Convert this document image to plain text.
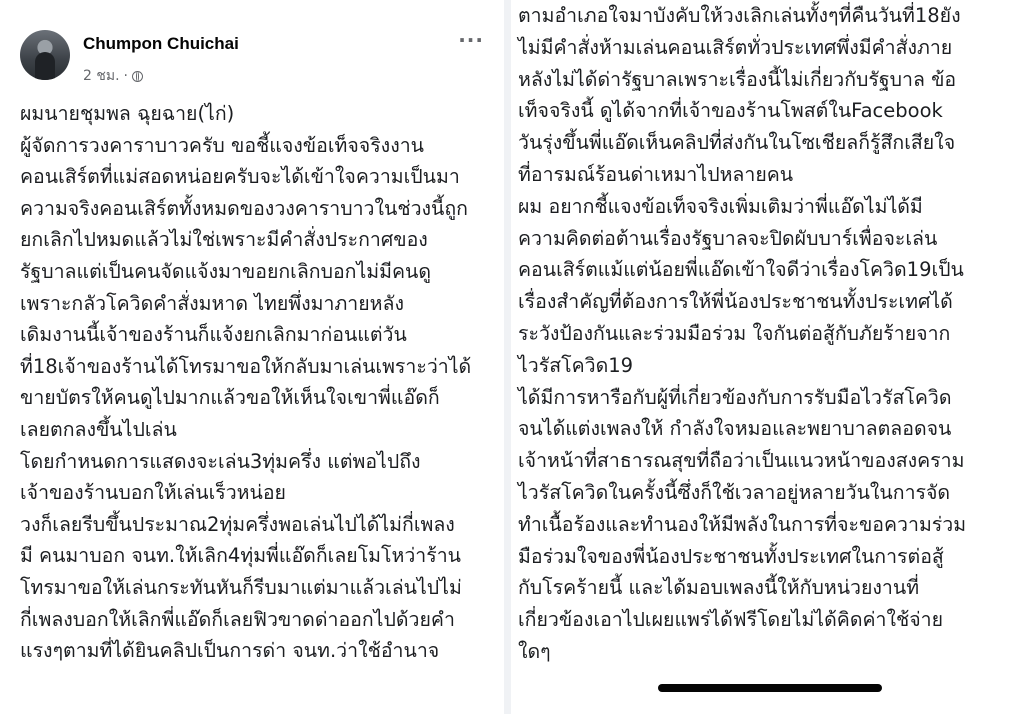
Chumpon Chuichai
2 ชม. ·
···
ผมนายชุมพล ฉุยฉาย(ไก่)
ผู้จัดการวงคาราบาวครับ ขอชี้แจงข้อเท็จจริงงาน
คอนเสิร์ตที่แม่สอดหน่อยครับจะได้เข้าใจความเป็นมา
ความจริงคอนเสิร์ตทั้งหมดของวงคาราบาวในช่วงนี้ถูก
ยกเลิกไปหมดแล้วไม่ใช่เพราะมีคำสั่งประกาศของ
รัฐบาลแต่เป็นคนจัดแจ้งมาขอยกเลิกบอกไม่มีคนดู
เพราะกลัวโควิดคำสั่งมหาด ไทยพึ่งมาภายหลัง
เดิมงานนี้เจ้าของร้านก็แจ้งยกเลิกมาก่อนแต่วัน
ที่18เจ้าของร้านได้โทรมาขอให้กลับมาเล่นเพราะว่าได้
ขายบัตรให้คนดูไปมากแล้วขอให้เห็นใจเขาพี่แอ๊ดก็
เลยตกลงขึ้นไปเล่น
โดยกำหนดการแสดงจะเล่น3ทุ่มครึ่ง แต่พอไปถึง
เจ้าของร้านบอกให้เล่นเร็วหน่อย
วงก็เลยรีบขึ้นประมาณ2ทุ่มครึ่งพอเล่นไปได้ไม่กี่เพลง
มี คนมาบอก จนท.ให้เลิก4ทุ่มพี่แอ๊ดก็เลยโมโหว่าร้าน
โทรมาขอให้เล่นกระทันหันก็รีบมาแต่มาแล้วเล่นไปไม่
กี่เพลงบอกให้เลิกพี่แอ๊ดก็เลยฟิวขาดด่าออกไปด้วยคำ
แรงๆตามที่ได้ยินคลิปเป็นการด่า จนท.ว่าใช้อำนาจ
ตามอำเภอใจมาบังคับให้วงเลิกเล่นทั้งๆที่คืนวันที่18ยัง
ไม่มีคำสั่งห้ามเล่นคอนเสิร์ตทั่วประเทศพึ่งมีคำสั่งภาย
หลังไม่ได้ด่ารัฐบาลเพราะเรื่องนี้ไม่เกี่ยวกับรัฐบาล ข้อ
เท็จจริงนี้ ดูได้จากที่เจ้าของร้านโพสต์ในFacebook
วันรุ่งขึ้นพี่แอ๊ดเห็นคลิปที่ส่งกันในโซเชียลก็รู้สึกเสียใจ
ที่อารมณ์ร้อนด่าเหมาไปหลายคน
ผม อยากชี้แจงข้อเท็จจริงเพิ่มเติมว่าพี่แอ๊ดไม่ได้มี
ความคิดต่อต้านเรื่องรัฐบาลจะปิดผับบาร์เพื่อจะเล่น
คอนเสิร์ตแม้แต่น้อยพี่แอ๊ดเข้าใจดีว่าเรื่องโควิด19เป็น
เรื่องสำคัญที่ต้องการให้พี่น้องประชาชนทั้งประเทศได้
ระวังป้องกันและร่วมมือร่วม ใจกันต่อสู้กับภัยร้ายจาก
ไวรัสโควิด19
ได้มีการหารือกับผู้ที่เกี่ยวข้องกับการรับมือไวรัสโควิด
จนได้แต่งเพลงให้ กำลังใจหมอและพยาบาลตลอดจน
เจ้าหน้าที่สาธารณสุขที่ถือว่าเป็นแนวหน้าของสงคราม
ไวรัสโควิดในครั้งนี้ซึ่งก็ใช้เวลาอยู่หลายวันในการจัด
ทำเนื้อร้องและทำนองให้มีพลังในการที่จะขอความร่วม
มือร่วมใจของพี่น้องประชาชนทั้งประเทศในการต่อสู้
กับโรคร้ายนี้ และได้มอบเพลงนี้ให้กับหน่วยงานที่
เกี่ยวข้องเอาไปเผยแพร่ได้ฟรีโดยไม่ได้คิดค่าใช้จ่าย
ใดๆ
